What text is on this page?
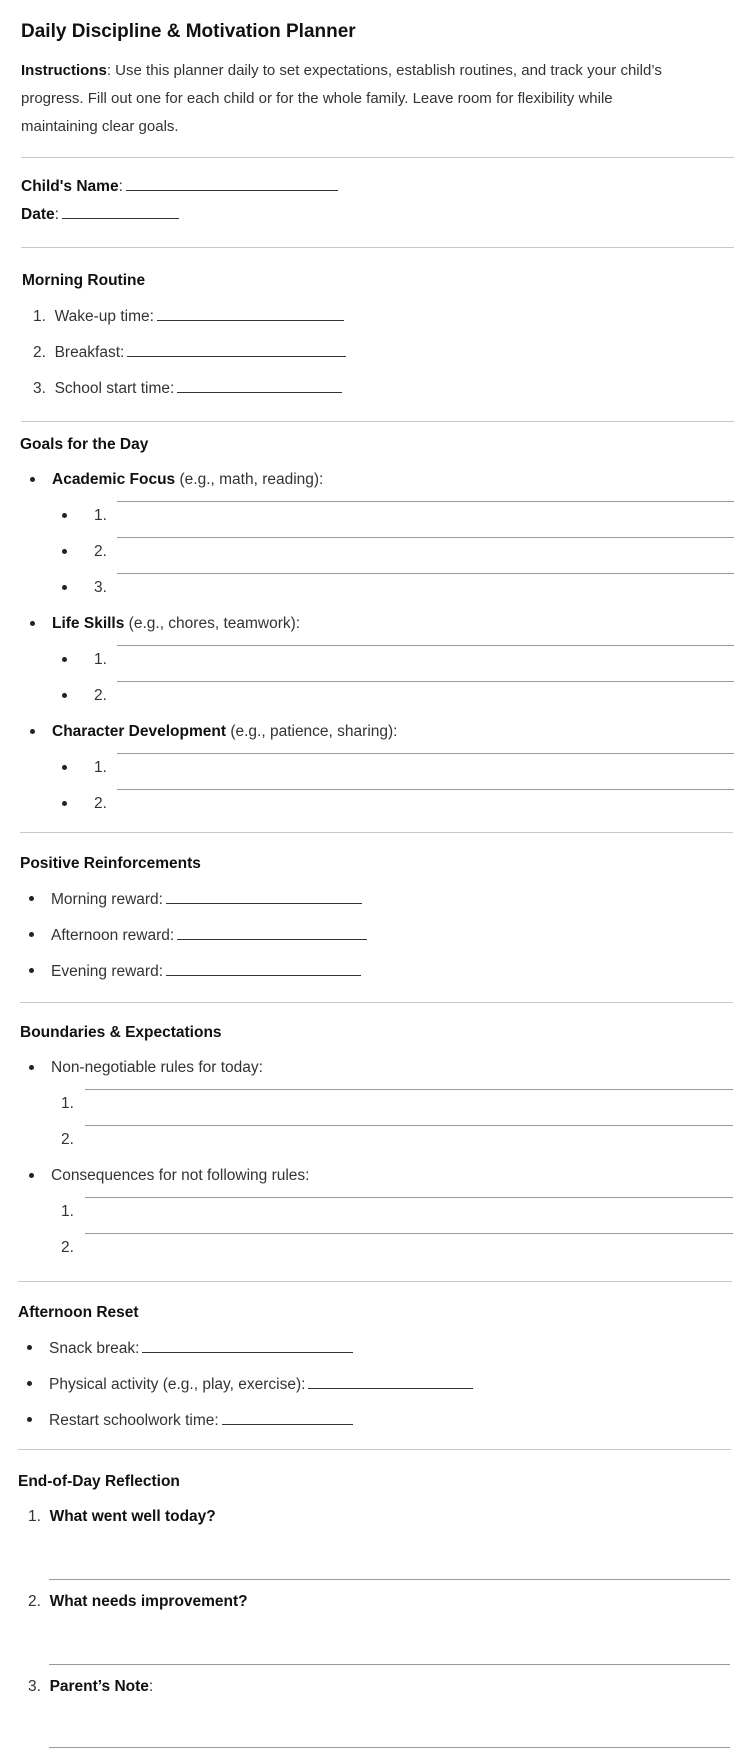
Daily Discipline & Motivation Planner
Instructions: Use this planner daily to set expectations, establish routines, and track your child’s
progress. Fill out one for each child or for the whole family. Leave room for flexibility while
maintaining clear goals.
Child's Name:
Date:
Morning Routine
1. Wake-up time:
2. Breakfast:
3. School start time:
Goals for the Day
Academic Focus (e.g., math, reading):
1.
2.
3.
Life Skills (e.g., chores, teamwork):
1.
2.
Character Development (e.g., patience, sharing):
1.
2.
Positive Reinforcements
Morning reward:
Afternoon reward:
Evening reward:
Boundaries & Expectations
Non-negotiable rules for today:
1.
2.
Consequences for not following rules:
1.
2.
Afternoon Reset
Snack break:
Physical activity (e.g., play, exercise):
Restart schoolwork time:
End-of-Day Reflection
1. What went well today?
2. What needs improvement?
3. Parent’s Note:
